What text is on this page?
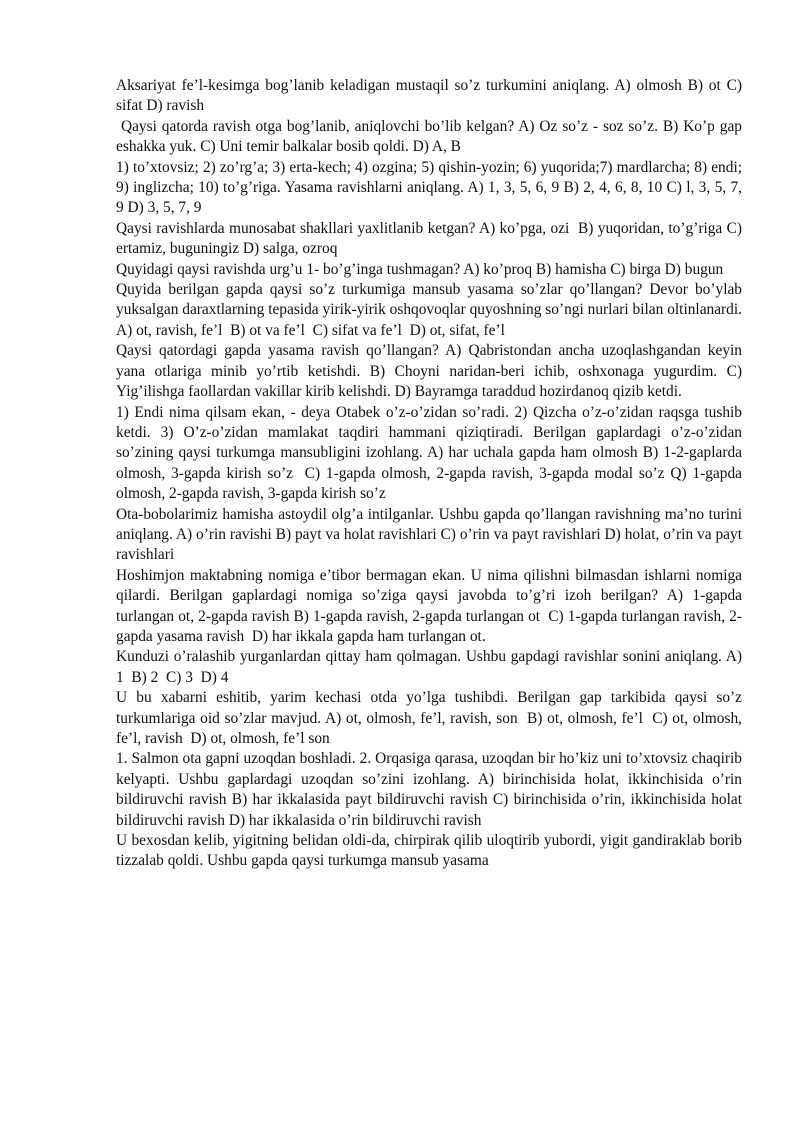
Aksariyat fe’l-kesimga bog’lanib keladigan mustaqil so’z turkumini aniqlang. A) olmosh B) ot C) sifat D) ravish

Qaysi qatorda ravish otga bog’lanib, aniqlovchi bo’lib kelgan? A) Oz so’z - soz so’z. B) Ko’p gap eshakka yuk. C) Uni temir balkalar bosib qoldi. D) A, B

1) to’xtovsiz; 2) zo’rg’a; 3) erta-kech; 4) ozgina; 5) qishin-yozin; 6) yuqorida;7) mardlarcha; 8) endi; 9) inglizcha; 10) to’g’riga. Yasama ravishlarni aniqlang. A) 1, 3, 5, 6, 9 B) 2, 4, 6, 8, 10 C) l, 3, 5, 7, 9 D) 3, 5, 7, 9

Qaysi ravishlarda munosabat shakllari yaxlitlanib ketgan? A) ko’pga, ozi  B) yuqoridan, to’g’riga C) ertamiz, buguningiz D) salga, ozroq

Quyidagi qaysi ravishda urg’u 1- bo’g’inga tushmagan? A) ko’proq B) hamisha C) birga D) bugun

Quyida berilgan gapda qaysi so’z turkumiga mansub yasama so’zlar qo’llangan? Devor bo’ylab yuksalgan daraxtlarning tepasida yirik-yirik oshqovoqlar quyoshning so’ngi nurlari bilan oltinlanardi. A) ot, ravish, fe’l  B) ot va fe’l  C) sifat va fe’l  D) ot, sifat, fe’l

Qaysi qatordagi gapda yasama ravish qo’llangan? A) Qabristondan ancha uzoqlashgandan keyin yana otlariga minib yo’rtib ketishdi. B) Choyni naridan-beri ichib, oshxonaga yugurdim. C) Yig’ilishga faollardan vakillar kirib kelishdi. D) Bayramga taraddud hozirdanoq qizib ketdi.

1) Endi nima qilsam ekan, - deya Otabek o’z-o’zidan so’radi. 2) Qizcha o’z-o’zidan raqsga tushib ketdi. 3) O’z-o’zidan mamlakat taqdiri hammani qiziqtiradi. Berilgan gaplardagi o’z-o’zidan so’zining qaysi turkumga mansubligini izohlang. A) har uchala gapda ham olmosh B) 1-2-gaplarda olmosh, 3-gapda kirish so’z  C) 1-gapda olmosh, 2-gapda ravish, 3-gapda modal so’z Q) 1-gapda olmosh, 2-gapda ravish, 3-gapda kirish so’z

Ota-bobolarimiz hamisha astoydil olg’a intilganlar. Ushbu gapda qo’llangan ravishning ma’no turini aniqlang. A) o’rin ravishi B) payt va holat ravishlari C) o’rin va payt ravishlari D) holat, o’rin va payt ravishlari

Hoshimjon maktabning nomiga e’tibor bermagan ekan. U nima qilishni bilmasdan ishlarni nomiga qilardi. Berilgan gaplardagi nomiga so’ziga qaysi javobda to’g’ri izoh berilgan? A) 1-gapda turlangan ot, 2-gapda ravish B) 1-gapda ravish, 2-gapda turlangan ot  C) 1-gapda turlangan ravish, 2-gapda yasama ravish  D) har ikkala gapda ham turlangan ot.

Kunduzi o’ralashib yurganlardan qittay ham qolmagan. Ushbu gapdagi ravishlar sonini aniqlang. A) 1  B) 2  C) 3  D) 4

U bu xabarni eshitib, yarim kechasi otda yo’lga tushibdi. Berilgan gap tarkibida qaysi so’z turkumlariga oid so’zlar mavjud. A) ot, olmosh, fe’l, ravish, son  B) ot, olmosh, fe’l  C) ot, olmosh, fe’l, ravish  D) ot, olmosh, fe’l son

1. Salmon ota gapni uzoqdan boshladi. 2. Orqasiga qarasa, uzoqdan bir ho’kiz uni to’xtovsiz chaqirib kelyapti. Ushbu gaplardagi uzoqdan so’zini izohlang. A) birinchisida holat, ikkinchisida o’rin bildiruvchi ravish B) har ikkalasida payt bildiruvchi ravish C) birinchisida o’rin, ikkinchisida holat bildiruvchi ravish D) har ikkalasida o’rin bildiruvchi ravish

U bexosdan kelib, yigitning belidan oldi-da, chirpirak qilib uloqtirib yubordi, yigit gandiraklab borib tizzalab qoldi. Ushbu gapda qaysi turkumga mansub yasama
